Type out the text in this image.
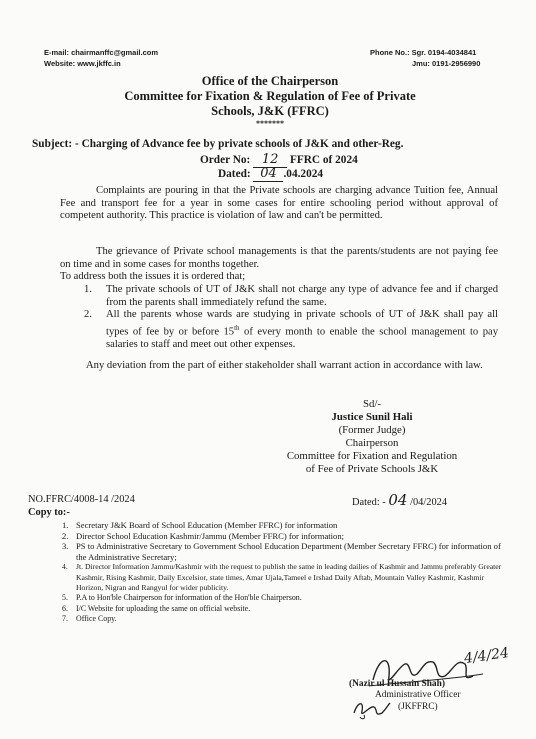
E-mail: chairmanffc@gmail.com
Website: www.jkffc.in
Phone No.: Sgr. 0194-4034841
Jmu: 0191-2956990
Office of the Chairperson
Committee for Fixation & Regulation of Fee of Private
Schools, J&K (FFRC)
*******
Subject: - Charging of Advance fee by private schools of J&K and other-Reg.
Order No: 12 FFRC of 2024
Dated: 04 .04.2024
Complaints are pouring in that the Private schools are charging advance Tuition fee, Annual Fee and transport fee for a year in some cases for entire schooling period without approval of competent authority. This practice is violation of law and can't be permitted.
The grievance of Private school managements is that the parents/students are not paying fee on time and in some cases for months together.
To address both the issues it is ordered that;
1. The private schools of UT of J&K shall not charge any type of advance fee and if charged from the parents shall immediately refund the same.
2. All the parents whose wards are studying in private schools of UT of J&K shall pay all types of fee by or before 15th of every month to enable the school management to pay salaries to staff and meet out other expenses.
Any deviation from the part of either stakeholder shall warrant action in accordance with law.
Sd/-
Justice Sunil Hali
(Former Judge)
Chairperson
Committee for Fixation and Regulation
of Fee of Private Schools J&K
NO.FFRC/4008-14 /2024	Dated: - 04 /04/2024
Copy to:-
1. Secretary J&K Board of School Education (Member FFRC) for information
2. Director School Education Kashmir/Jammu (Member FFRC) for information;
3. PS to Administrative Secretary to Government School Education Department (Member Secretary FFRC) for information of the Administrative Secretary;
4. Jt. Director Information Jammu/Kashmir with the request to publish the same in leading dailies of Kashmir and Jammu preferably Greater Kashmir, Rising Kashmir, Daily Excelsior, state times, Amar Ujala,Tameel e Irshad Daily Aftab, Mountain Valley Kashmir, Kashmir Horizon, Nigran and Rangyul for wider publicity.
5. P.A to Hon'ble Chairperson for information of the Hon'ble Chairperson.
6. I/C Website for uploading the same on official website.
7. Office Copy.
4/4/24
(Nazir ul Hussain Shah)
Administrative Officer
(JKFFRC)
